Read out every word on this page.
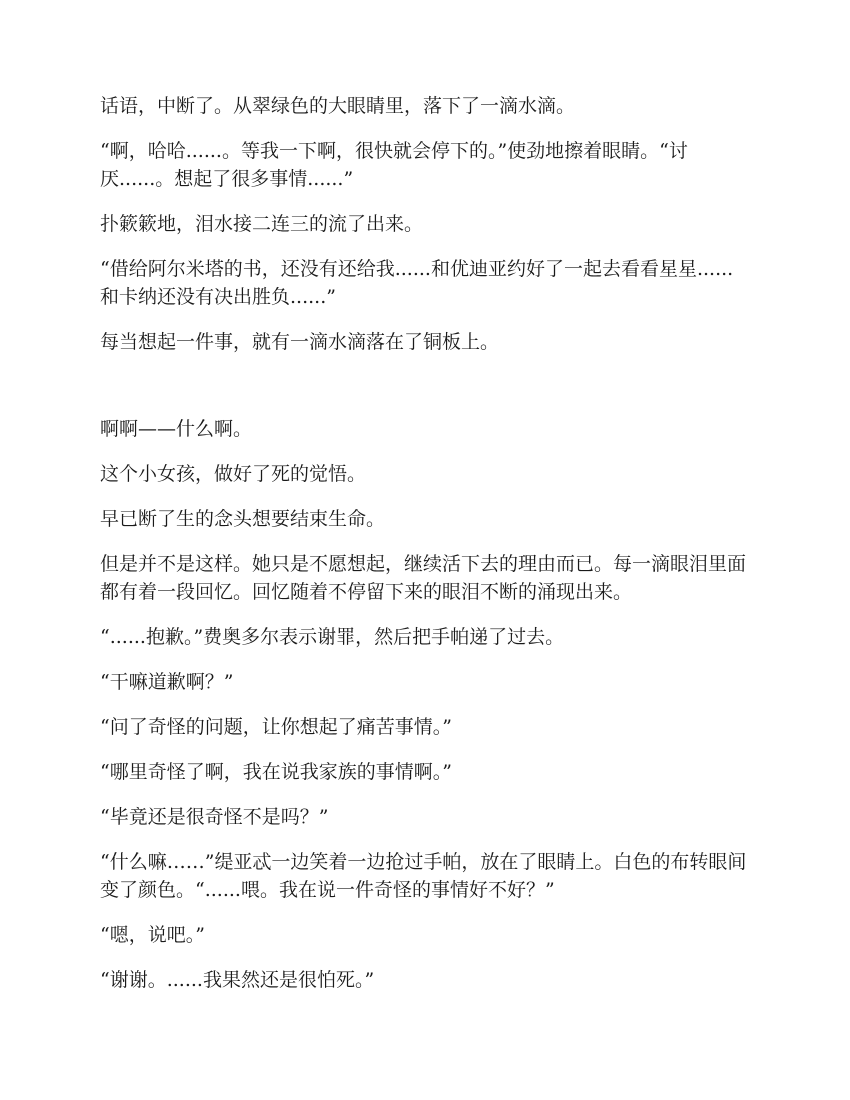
话语，中断了。从翠绿色的大眼睛里，落下了一滴水滴。

“啊，哈哈......。等我一下啊，很快就会停下的。”使劲地擦着眼睛。“讨厌......。想起了很多事情......”

扑簌簌地，泪水接二连三的流了出来。

“借给阿尔米塔的书，还没有还给我......和优迪亚约好了一起去看看星星......和卡纳还没有决出胜负......”

每当想起一件事，就有一滴水滴落在了铜板上。

啊啊——什么啊。

这个小女孩，做好了死的觉悟。

早已断了生的念头想要结束生命。

但是并不是这样。她只是不愿想起，继续活下去的理由而已。每一滴眼泪里面都有着一段回忆。回忆随着不停留下来的眼泪不断的涌现出来。

“......抱歉。”费奥多尔表示谢罪，然后把手帕递了过去。

“干嘛道歉啊？”

“问了奇怪的问题，让你想起了痛苦事情。”

“哪里奇怪了啊，我在说我家族的事情啊。”

“毕竟还是很奇怪不是吗？”

“什么嘛……”缇亚忒一边笑着一边抢过手帕，放在了眼睛上。白色的布转眼间变了颜色。“......喂。我在说一件奇怪的事情好不好？”

“嗯，说吧。”

“谢谢。......我果然还是很怕死。”
